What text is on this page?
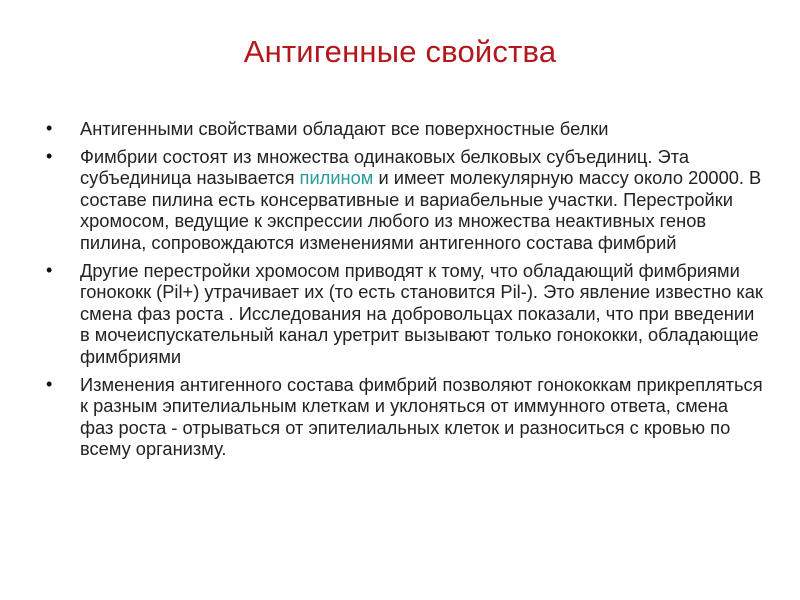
Антигенные свойства
•	Антигенными свойствами обладают все поверхностные белки
•	Фимбрии состоят из множества одинаковых белковых субъединиц. Эта субъединица называется пилином и имеет молекулярную массу около 20000. В составе пилина есть консервативные и вариабельные участки. Перестройки хромосом, ведущие к экспрессии любого из множества неактивных генов пилина, сопровождаются изменениями антигенного состава фимбрий
•	Другие перестройки хромосом приводят к тому, что обладающий фимбриями гонококк (Pil+) утрачивает их (то есть становится Pil-). Это явление известно как смена фаз роста . Исследования на добровольцах показали, что при введении в мочеиспускательный канал уретрит вызывают только гонококки, обладающие фимбриями
•	Изменения антигенного состава фимбрий позволяют гонококкам прикрепляться к разным эпителиальным клеткам и уклоняться от иммунного ответа, смена фаз роста - отрываться от эпителиальных клеток и разноситься с кровью по всему организму.
